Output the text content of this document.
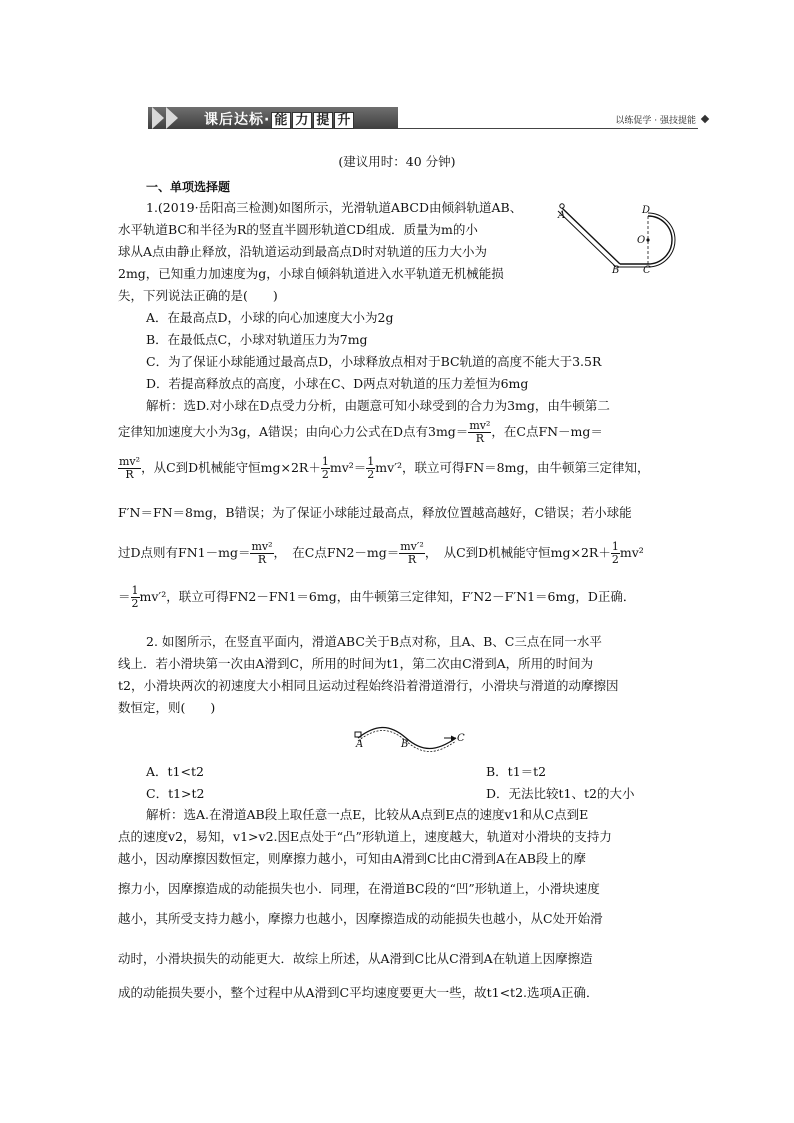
课后达标· 能 力 提 升	以练促学 · 强技提能
(建议用时：40 分钟)
一、单项选择题
1.(2019·岳阳高三检测)如图所示，光滑轨道ABCD由倾斜轨道AB、
水平轨道BC和半径为R的竖直半圆形轨道CD组成．质量为m的小
球从A点由静止释放，沿轨道运动到最高点D时对轨道的压力大小为
2mg，已知重力加速度为g，小球自倾斜轨道进入水平轨道无机械能损
失，下列说法正确的是(　　)
A	D
O
B C
A．在最高点D，小球的向心加速度大小为2g
B．在最低点C，小球对轨道压力为7mg
C．为了保证小球能通过最高点D，小球释放点相对于BC轨道的高度不能大于3.5R
D．若提高释放点的高度，小球在C、D两点对轨道的压力差恒为6mg
解析：选D.对小球在D点受力分析，由题意可知小球受到的合力为3mg，由牛顿第二
定律知加速度大小为3g，A错误；由向心力公式在D点有$3mg= \frac{\text{mv²}}{R}$ ，在C点FN－mg＝
$\frac{\text{mv²}}{R}$ ，从C到D机械能守恒$mg\times 2R+ \frac{1}{2} mv^2= \frac{1}{2} mv'^2$，联立可得FN＝8mg，由牛顿第三定律知，
F′N＝FN＝8mg，B错误；为了保证小球能过最高点，释放位置越高越好，C错误；若小球能
过D点则有$FN1-mg= \frac{\text{mv²}}{R}$ ，　在C点$FN2-mg= \frac{\text{mv′²}}{R}$ ，　从C到D机械能守恒$mg\times 2R+ \frac{1}{2} mv^2$
＝ $\frac{1}{2} mv'^2$，联立可得FN2－FN1＝6mg，由牛顿第三定律知，F′N2－F′N1＝6mg，D正确．
2. 如图所示，在竖直平面内，滑道ABC关于B点对称，且A、B、C三点在同一水平
线上．若小滑块第一次由A滑到C，所用的时间为t1，第二次由C滑到A，所用的时间为
t2，小滑块两次的初速度大小相同且运动过程始终沿着滑道滑行，小滑块与滑道的动摩擦因
数恒定，则(　　)
A	B
C
A．t1<t2	B．t1＝t2
C．t1>t2	D．无法比较t1、t2的大小
解析：选A.在滑道AB段上取任意一点E，比较从A点到E点的速度v1和从C点到E
点的速度v2，易知，v1>v2.因E点处于“凸”形轨道上，速度越大，轨道对小滑块的支持力
越小，因动摩擦因数恒定，则摩擦力越小，可知由A滑到C比由C滑到A在AB段上的摩
擦力小，因摩擦造成的动能损失也小．同理，在滑道BC段的“凹”形轨道上，小滑块速度
越小，其所受支持力越小，摩擦力也越小，因摩擦造成的动能损失也越小，从C处开始滑
动时，小滑块损失的动能更大．故综上所述，从A滑到C比从C滑到A在轨道上因摩擦造
成的动能损失要小，整个过程中从A滑到C平均速度要更大一些，故t1<t2.选项A正确．
